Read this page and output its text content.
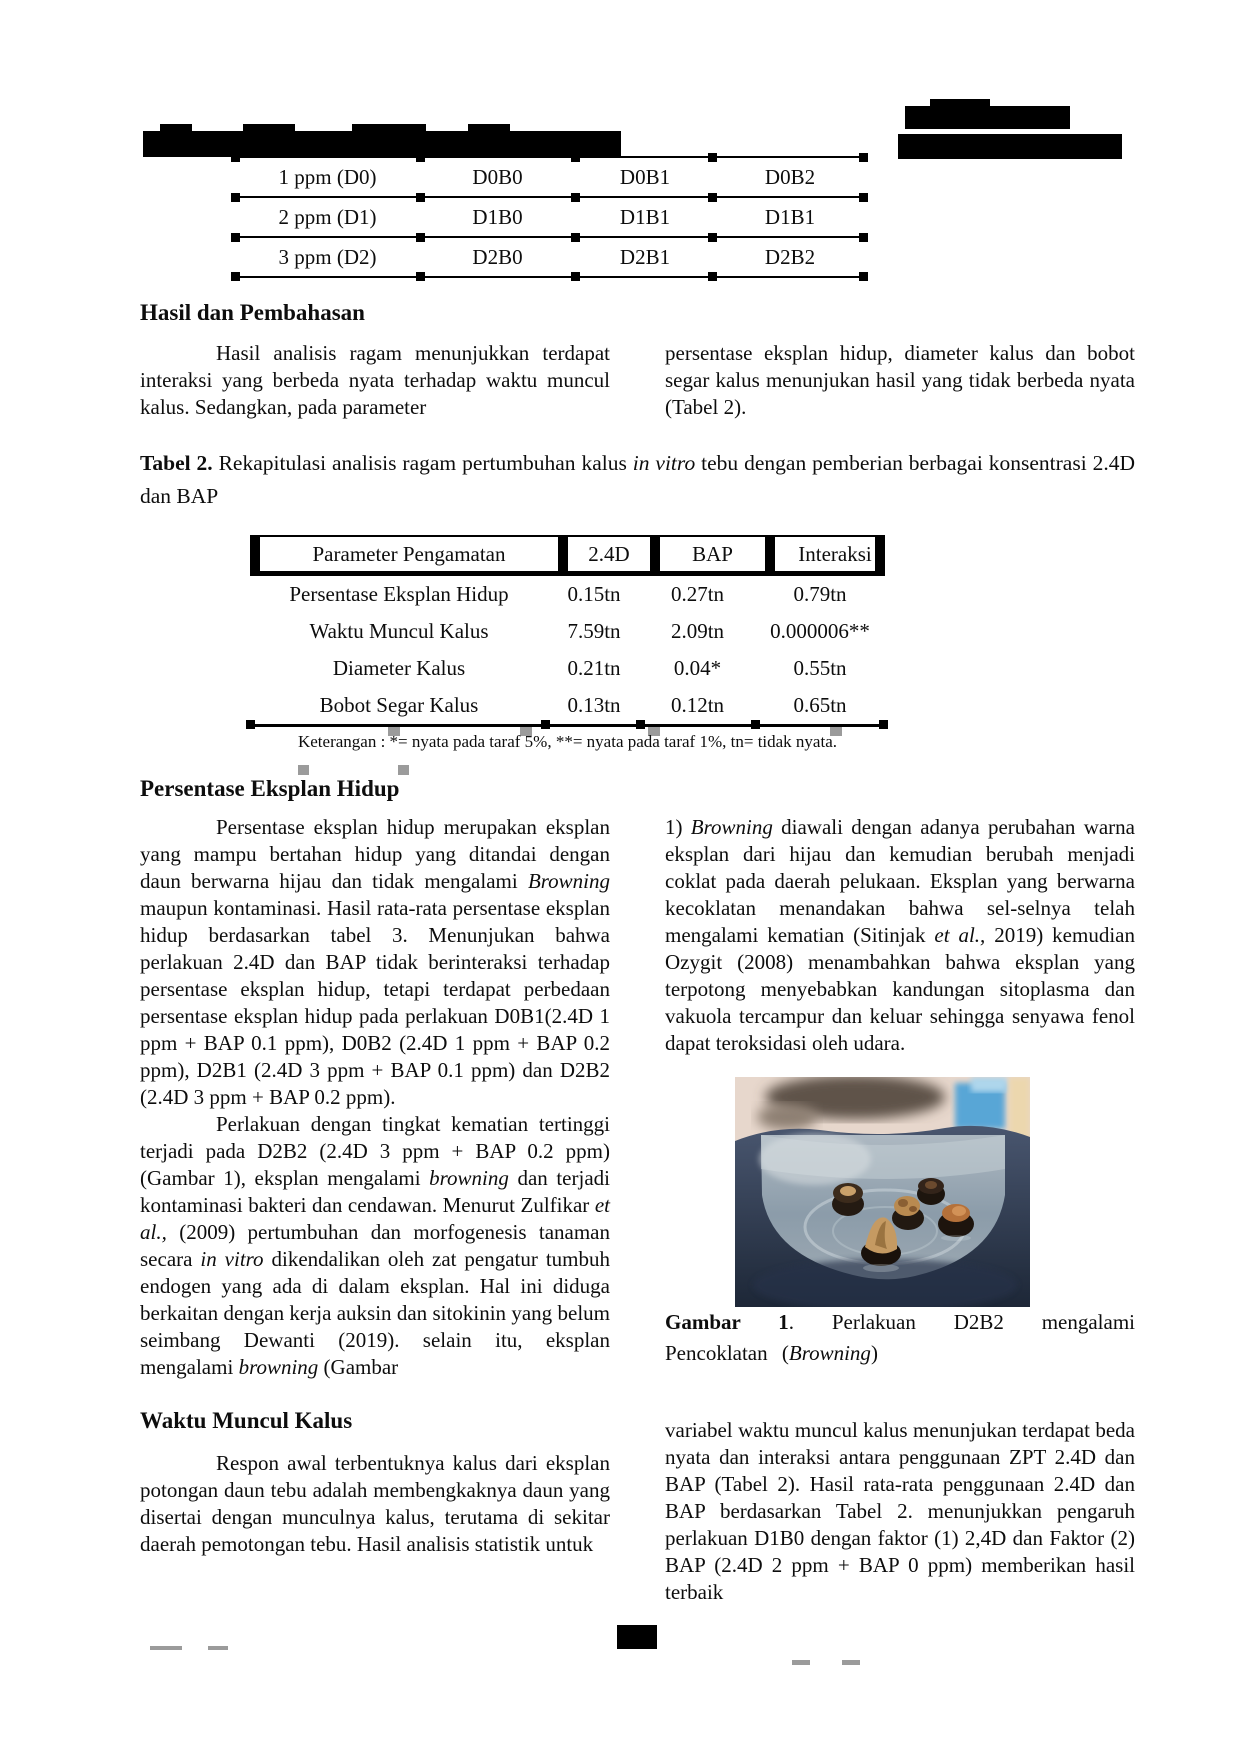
1 ppm (D0)	D0B0	D0B1	D0B2
2 ppm (D1)	D1B0	D1B1	D1B1
3 ppm (D2)	D2B0	D2B1	D2B2
Hasil dan Pembahasan

Hasil analisis ragam menunjukkan terdapat interaksi yang berbeda nyata terhadap waktu muncul kalus. Sedangkan, pada parameter

persentase eksplan hidup, diameter kalus dan bobot segar kalus menunjukan hasil yang tidak berbeda nyata (Tabel 2).

Tabel 2. Rekapitulasi analisis ragam pertumbuhan kalus in vitro tebu dengan pemberian berbagai konsentrasi 2.4D dan BAP
Parameter Pengamatan	2.4D	BAP	Interaksi
Persentase Eksplan Hidup	0.15tn	0.27tn	0.79tn
Waktu Muncul Kalus	7.59tn	2.09tn	0.000006**
Diameter Kalus	0.21tn	0.04*	0.55tn
Bobot Segar Kalus	0.13tn	0.12tn	0.65tn
Keterangan : *= nyata pada taraf 5%, **= nyata pada taraf 1%, tn= tidak nyata.
Persentase Eksplan Hidup

Persentase eksplan hidup merupakan eksplan yang mampu bertahan hidup yang ditandai dengan daun berwarna hijau dan tidak mengalami Browning maupun kontaminasi. Hasil rata-rata persentase eksplan hidup berdasarkan tabel 3. Menunjukan bahwa perlakuan 2.4D dan BAP tidak berinteraksi terhadap persentase eksplan hidup, tetapi terdapat perbedaan persentase eksplan hidup pada perlakuan D0B1(2.4D 1 ppm + BAP 0.1 ppm), D0B2 (2.4D 1 ppm + BAP 0.2 ppm), D2B1 (2.4D 3 ppm + BAP 0.1 ppm) dan D2B2 (2.4D 3 ppm + BAP 0.2 ppm).

Perlakuan dengan tingkat kematian tertinggi terjadi pada D2B2 (2.4D 3 ppm + BAP 0.2 ppm) (Gambar 1), eksplan mengalami browning dan terjadi kontaminasi bakteri dan cendawan. Menurut Zulfikar et al., (2009) pertumbuhan dan morfogenesis tanaman secara in vitro dikendalikan oleh zat pengatur tumbuh endogen yang ada di dalam eksplan. Hal ini diduga berkaitan dengan kerja auksin dan sitokinin yang belum seimbang Dewanti (2019). selain itu, eksplan mengalami browning (Gambar

Waktu Muncul Kalus

Respon awal terbentuknya kalus dari eksplan potongan daun tebu adalah membengkaknya daun yang disertai dengan munculnya kalus, terutama di sekitar daerah pemotongan tebu. Hasil analisis statistik untuk

1) Browning diawali dengan adanya perubahan warna eksplan dari hijau dan kemudian berubah menjadi coklat pada daerah pelukaan. Eksplan yang berwarna kecoklatan menandakan bahwa sel-selnya telah mengalami kematian (Sitinjak et al., 2019) kemudian Ozygit (2008) menambahkan bahwa eksplan yang terpotong menyebabkan kandungan sitoplasma dan vakuola tercampur dan keluar sehingga senyawa fenol dapat teroksidasi oleh udara.

Gambar 1. Perlakuan D2B2 mengalami Pencoklatan (Browning)

variabel waktu muncul kalus menunjukan terdapat beda nyata dan interaksi antara penggunaan ZPT 2.4D dan BAP (Tabel 2). Hasil rata-rata penggunaan 2.4D dan BAP berdasarkan Tabel 2. menunjukkan pengaruh perlakuan D1B0 dengan faktor (1) 2,4D dan Faktor (2) BAP (2.4D 2 ppm + BAP 0 ppm) memberikan hasil terbaik
